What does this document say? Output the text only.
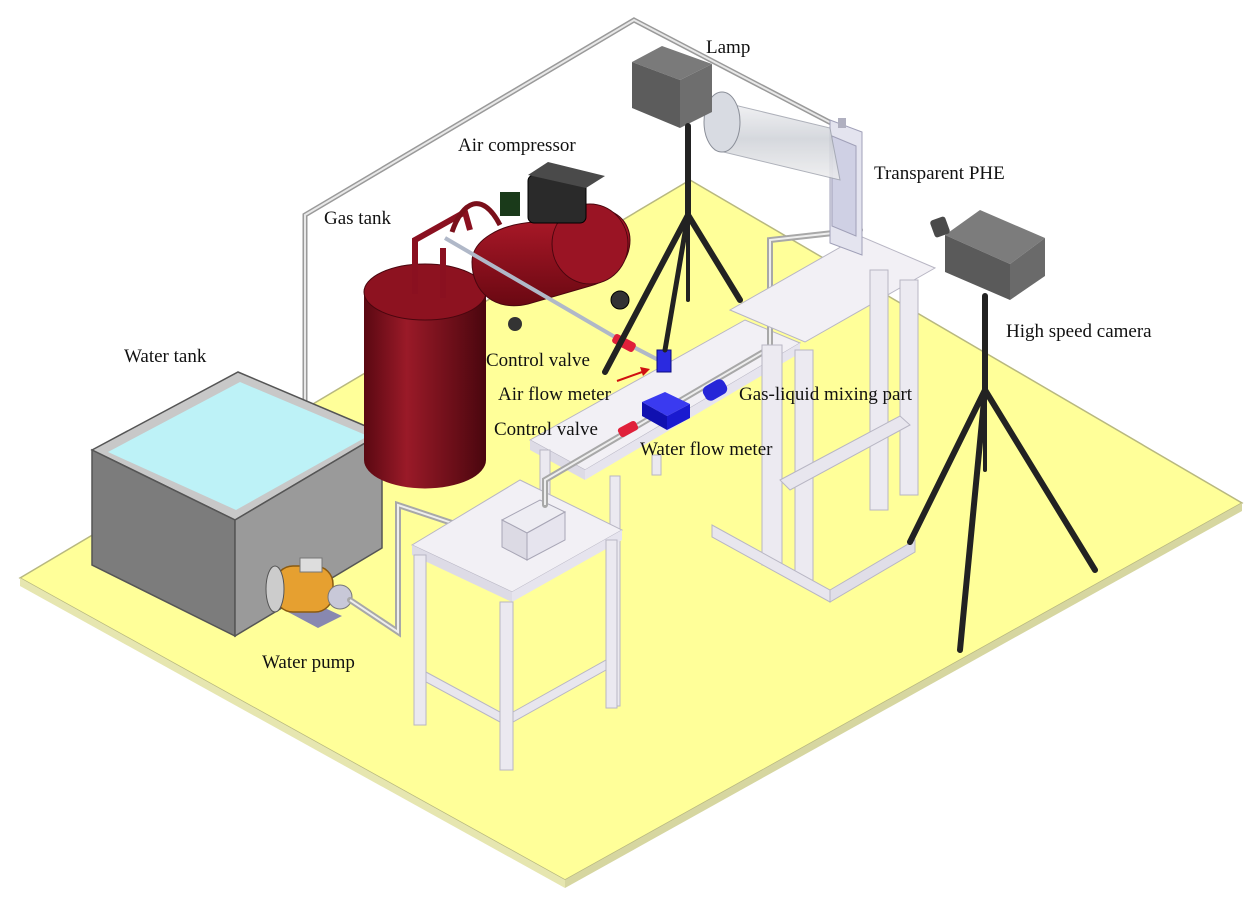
Lamp
Air compressor
Gas tank
Transparent PHE
High speed camera
Water tank	Control valve
Air flow meter	Gas-liquid mixing part
Control valve
Water flow meter
Water pump
